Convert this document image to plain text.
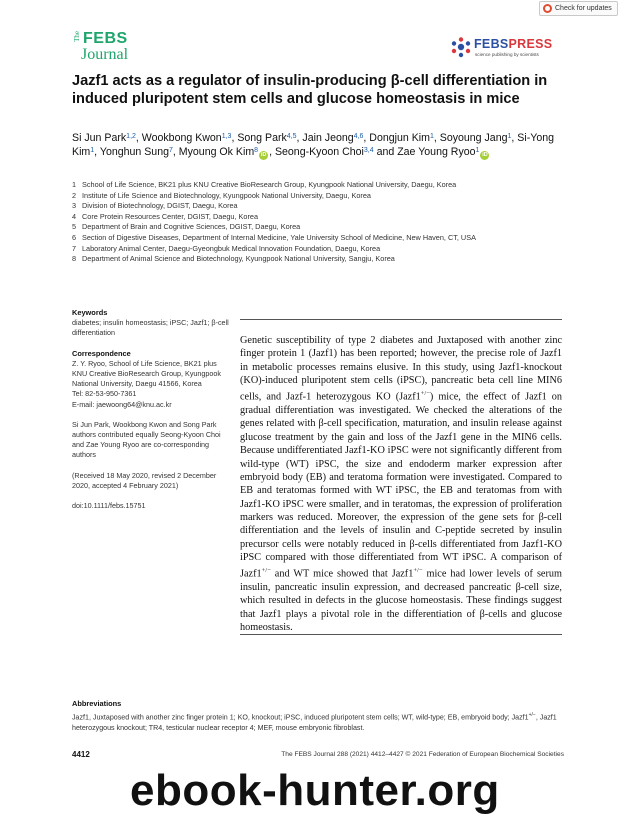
Check for updates
The FEBS
Journal
FEBSPRESS
science publishing by scientists
Jazf1 acts as a regulator of insulin-producing β-cell differentiation in induced pluripotent stem cells and glucose homeostasis in mice

Si Jun Park$^{1,2}$, Wookbong Kwon$^{1,3}$, Song Park$^{4,5}$, Jain Jeong$^{4,6}$, Dongjun Kim$^1$, Soyoung Jang$^1$, Si-Yong Kim$^1$, Yonghun Sung$^7$, Myoung Ok Kim$^8$iD , Seong-Kyoon Choi$^{3,4}$ and Zae Young Ryoo$^1$iD

1 School of Life Science, BK21 plus KNU Creative BioResearch Group, Kyungpook National University, Daegu, Korea
2 Institute of Life Science and Biotechnology, Kyungpook National University, Daegu, Korea
3 Division of Biotechnology, DGIST, Daegu, Korea
4 Core Protein Resources Center, DGIST, Daegu, Korea
5 Department of Brain and Cognitive Sciences, DGIST, Daegu, Korea
6 Section of Digestive Diseases, Department of Internal Medicine, Yale University School of Medicine, New Haven, CT, USA
7 Laboratory Animal Center, Daegu-Gyeongbuk Medical Innovation Foundation, Daegu, Korea
8 Department of Animal Science and Biotechnology, Kyungpook National University, Sangju, Korea
Keywords

diabetes; insulin homeostasis; iPSC; Jazf1; β-cell differentiation

Correspondence

Z. Y. Ryoo, School of Life Science, BK21 plus KNU Creative BioResearch Group, Kyungpook National University, Daegu 41566, Korea

Tel: 82-53-950-7361

E-mail: jaewoong64@knu.ac.kr

Si Jun Park, Wookbong Kwon and Song Park authors contributed equally Seong-Kyoon Choi and Zae Young Ryoo are co-corresponding authors

(Received 18 May 2020, revised 2 December 2020, accepted 4 February 2021)

doi:10.1111/febs.15751

Genetic susceptibility of type 2 diabetes and Juxtaposed with another zinc finger protein 1 (Jazf1) has been reported; however, the precise role of Jazf1 in metabolic processes remains elusive. In this study, using Jazf1-knockout (KO)-induced pluripotent stem cells (iPSC), pancreatic beta cell line MIN6 cells, and Jazf-1 heterozygous KO (Jazf1+/−) mice, the effect of Jazf1 on gradual differentiation was investigated. We checked the alterations of the genes related with β-cell specification, maturation, and insulin release against glucose treatment by the gain and loss of the Jazf1 gene in the MIN6 cells. Because undifferentiated Jazf1-KO iPSC were not significantly different from wild-type (WT) iPSC, the size and endoderm marker expression after embryoid body (EB) and teratoma formation were investigated. Compared to EB and teratomas formed with WT iPSC, the EB and teratomas from with Jazf1-KO iPSC were smaller, and in teratomas, the expression of proliferation markers was reduced. Moreover, the expression of the gene sets for β-cell differentiation and the levels of insulin and C-peptide secreted by insulin precursor cells were notably reduced in β-cells differentiated from Jazf1-KO iPSC compared with those differentiated from WT iPSC. A comparison of Jazf1+/− and WT mice showed that Jazf1+/− mice had lower levels of serum insulin, pancreatic insulin expression, and decreased pancreatic β-cell size, which resulted in defects in the glucose homeostasis. These findings suggest that Jazf1 plays a pivotal role in the differentiation of β-cells and glucose homeostasis.

Abbreviations

Jazf1, Juxtaposed with another zinc finger protein 1; KO, knockout; iPSC, induced pluripotent stem cells; WT, wild-type; EB, embryoid body; Jazf1+/−, Jazf1 heterozygous knockout; TR4, testicular nuclear receptor 4; MEF, mouse embryonic fibroblast.

4412	The FEBS Journal 288 (2021) 4412–4427 © 2021 Federation of European Biochemical Societies
ebook-hunter.org
